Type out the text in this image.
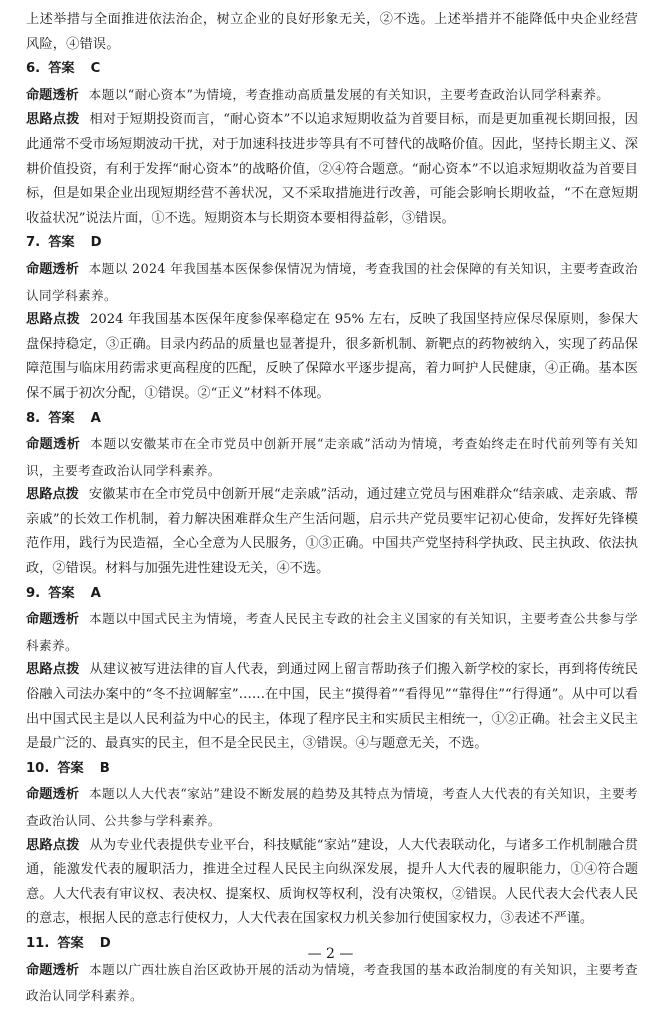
上述举措与全面推进依法治企，树立企业的良好形象无关，②不选。上述举措并不能降低中央企业经营风险，④错误。

6. 答案 C

命题透析 本题以“耐心资本”为情境，考查推动高质量发展的有关知识，主要考查政治认同学科素养。

思路点拨 相对于短期投资而言，“耐心资本”不以追求短期收益为首要目标，而是更加重视长期回报，因此通常不受市场短期波动干扰，对于加速科技进步等具有不可替代的战略价值。因此，坚持长期主义、深耕价值投资，有利于发挥“耐心资本”的战略价值，②④符合题意。“耐心资本”不以追求短期收益为首要目标，但是如果企业出现短期经营不善状况，又不采取措施进行改善，可能会影响长期收益，“不在意短期收益状况”说法片面，①不选。短期资本与长期资本要相得益彰，③错误。

7. 答案 D

命题透析 本题以 2024 年我国基本医保参保情况为情境，考查我国的社会保障的有关知识，主要考查政治认同学科素养。

思路点拨 2024 年我国基本医保年度参保率稳定在 95% 左右，反映了我国坚持应保尽保原则，参保大盘保持稳定，③正确。目录内药品的质量也显著提升，很多新机制、新靶点的药物被纳入，实现了药品保障范围与临床用药需求更高程度的匹配，反映了保障水平逐步提高，着力呵护人民健康，④正确。基本医保不属于初次分配，①错误。②“正义”材料不体现。

8. 答案 A

命题透析 本题以安徽某市在全市党员中创新开展“走亲戚”活动为情境，考查始终走在时代前列等有关知识，主要考查政治认同学科素养。

思路点拨 安徽某市在全市党员中创新开展“走亲戚”活动，通过建立党员与困难群众“结亲戚、走亲戚、帮亲戚”的长效工作机制，着力解决困难群众生产生活问题，启示共产党员要牢记初心使命，发挥好先锋模范作用，践行为民造福，全心全意为人民服务，①③正确。中国共产党坚持科学执政、民主执政、依法执政，②错误。材料与加强先进性建设无关，④不选。

9. 答案 A

命题透析 本题以中国式民主为情境，考查人民民主专政的社会主义国家的有关知识，主要考查公共参与学科素养。

思路点拨 从建议被写进法律的盲人代表，到通过网上留言帮助孩子们搬入新学校的家长，再到将传统民俗融入司法办案中的“冬不拉调解室”……在中国，民主“摸得着”“看得见”“靠得住”“行得通”。从中可以看出中国式民主是以人民利益为中心的民主，体现了程序民主和实质民主相统一，①②正确。社会主义民主是最广泛的、最真实的民主，但不是全民民主，③错误。④与题意无关，不选。

10. 答案 B

命题透析 本题以人大代表“家站”建设不断发展的趋势及其特点为情境，考查人大代表的有关知识，主要考查政治认同、公共参与学科素养。

思路点拨 从为专业代表提供专业平台，科技赋能“家站”建设，人大代表联动化，与诸多工作机制融合贯通，能激发代表的履职活力，推进全过程人民民主向纵深发展，提升人大代表的履职能力，①④符合题意。人大代表有审议权、表决权、提案权、质询权等权利，没有决策权，②错误。人民代表大会代表人民的意志，根据人民的意志行使权力，人大代表在国家权力机关参加行使国家权力，③表述不严谨。

11. 答案 D

命题透析 本题以广西壮族自治区政协开展的活动为情境，考查我国的基本政治制度的有关知识，主要考查政治认同学科素养。

— 2 —
